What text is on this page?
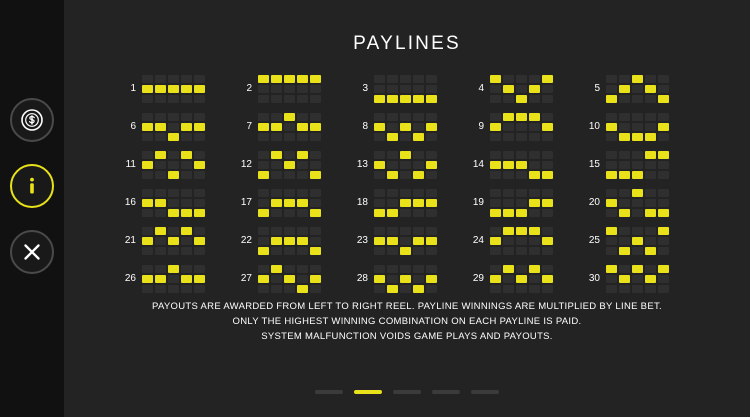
PAYLINES
1	2	3	4	5
6	7	8	9	10
11	12	13	14	15
16	17	18	19	20
21	22	23	24	25
26	27	28	29	30
PAYOUTS ARE AWARDED FROM LEFT TO RIGHT REEL. PAYLINE WINNINGS ARE MULTIPLIED BY LINE BET.
ONLY THE HIGHEST WINNING COMBINATION ON EACH PAYLINE IS PAID.
SYSTEM MALFUNCTION VOIDS GAME PLAYS AND PAYOUTS.
